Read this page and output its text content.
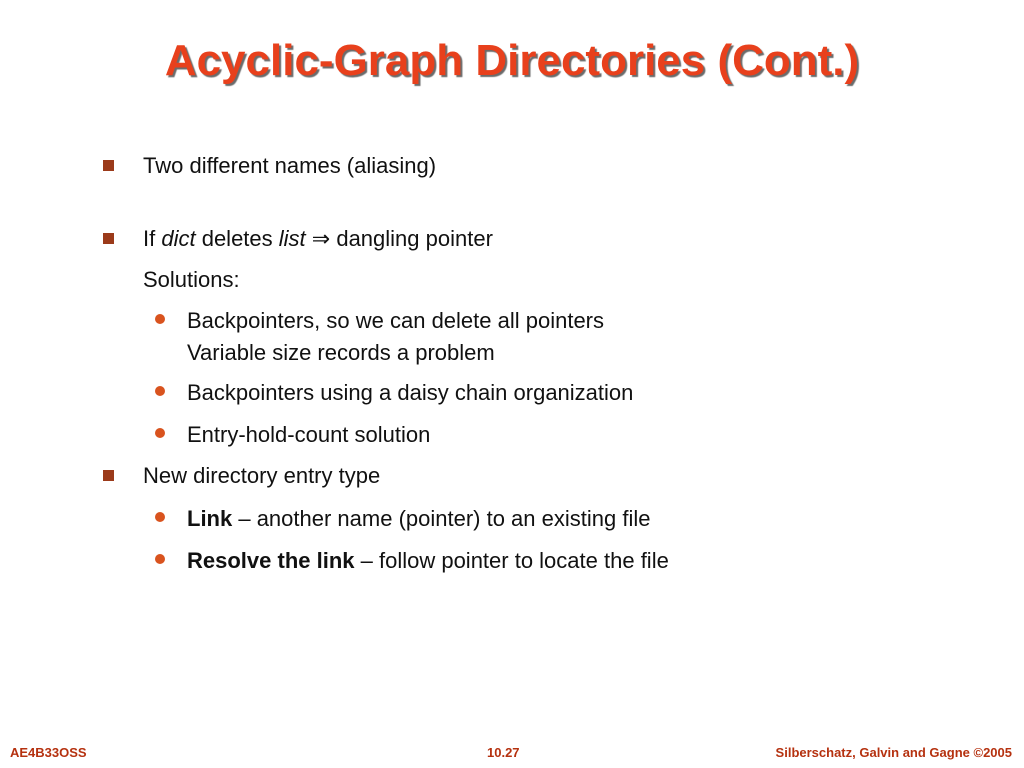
Acyclic-Graph Directories (Cont.)
Two different names (aliasing)
If dict deletes list ⇒ dangling pointer
Solutions:
Backpointers, so we can delete all pointers
Variable size records a problem
Backpointers using a daisy chain organization
Entry-hold-count solution
New directory entry type
Link – another name (pointer) to an existing file
Resolve the link – follow pointer to locate the file
AE4B33OSS	10.27	Silberschatz, Galvin and Gagne ©2005
